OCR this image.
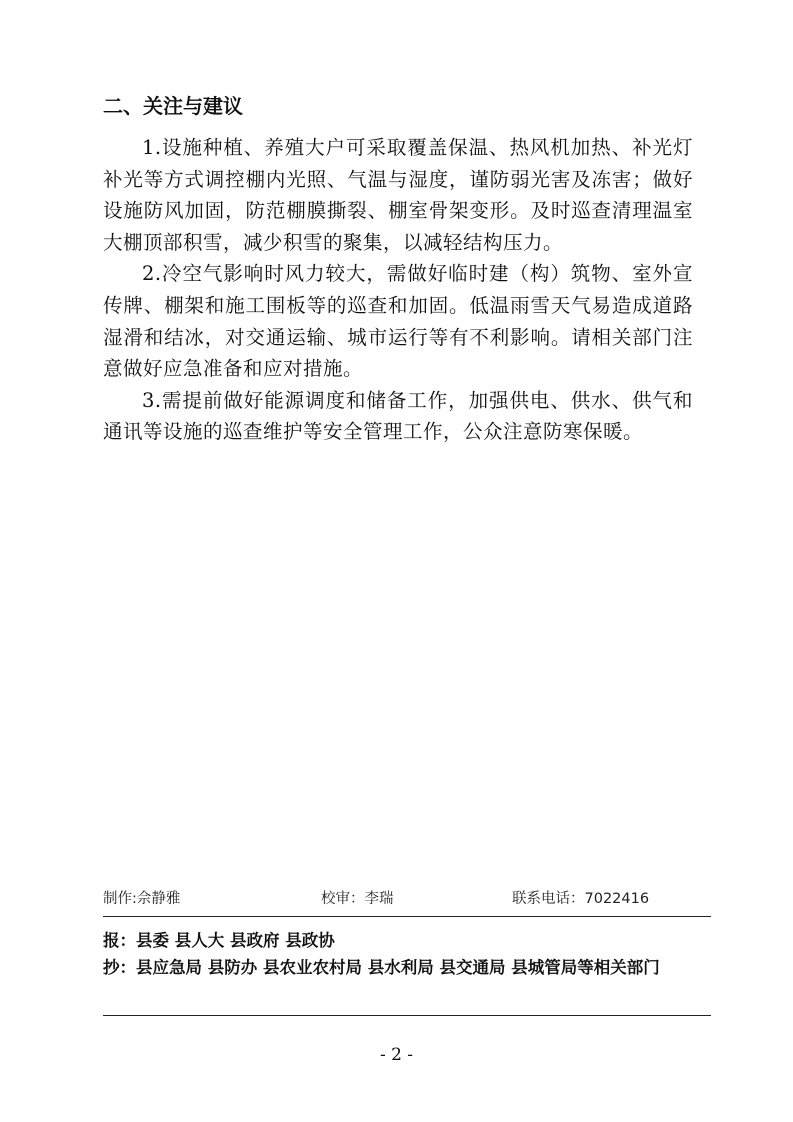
二、关注与建议

1.设施种植、养殖大户可采取覆盖保温、热风机加热、补光灯补光等方式调控棚内光照、气温与湿度，谨防弱光害及冻害；做好设施防风加固，防范棚膜撕裂、棚室骨架变形。及时巡查清理温室大棚顶部积雪，减少积雪的聚集，以减轻结构压力。

2.冷空气影响时风力较大，需做好临时建（构）筑物、室外宣传牌、棚架和施工围板等的巡查和加固。低温雨雪天气易造成道路湿滑和结冰，对交通运输、城市运行等有不利影响。请相关部门注意做好应急准备和应对措施。

3.需提前做好能源调度和储备工作，加强供电、供水、供气和通讯等设施的巡查维护等安全管理工作，公众注意防寒保暖。

制作:佘静雅	校审：李瑞	联系电话：7022416
报：县委 县人大 县政府 县政协
抄：县应急局 县防办 县农业农村局 县水利局 县交通局 县城管局等相关部门
- 2 -
